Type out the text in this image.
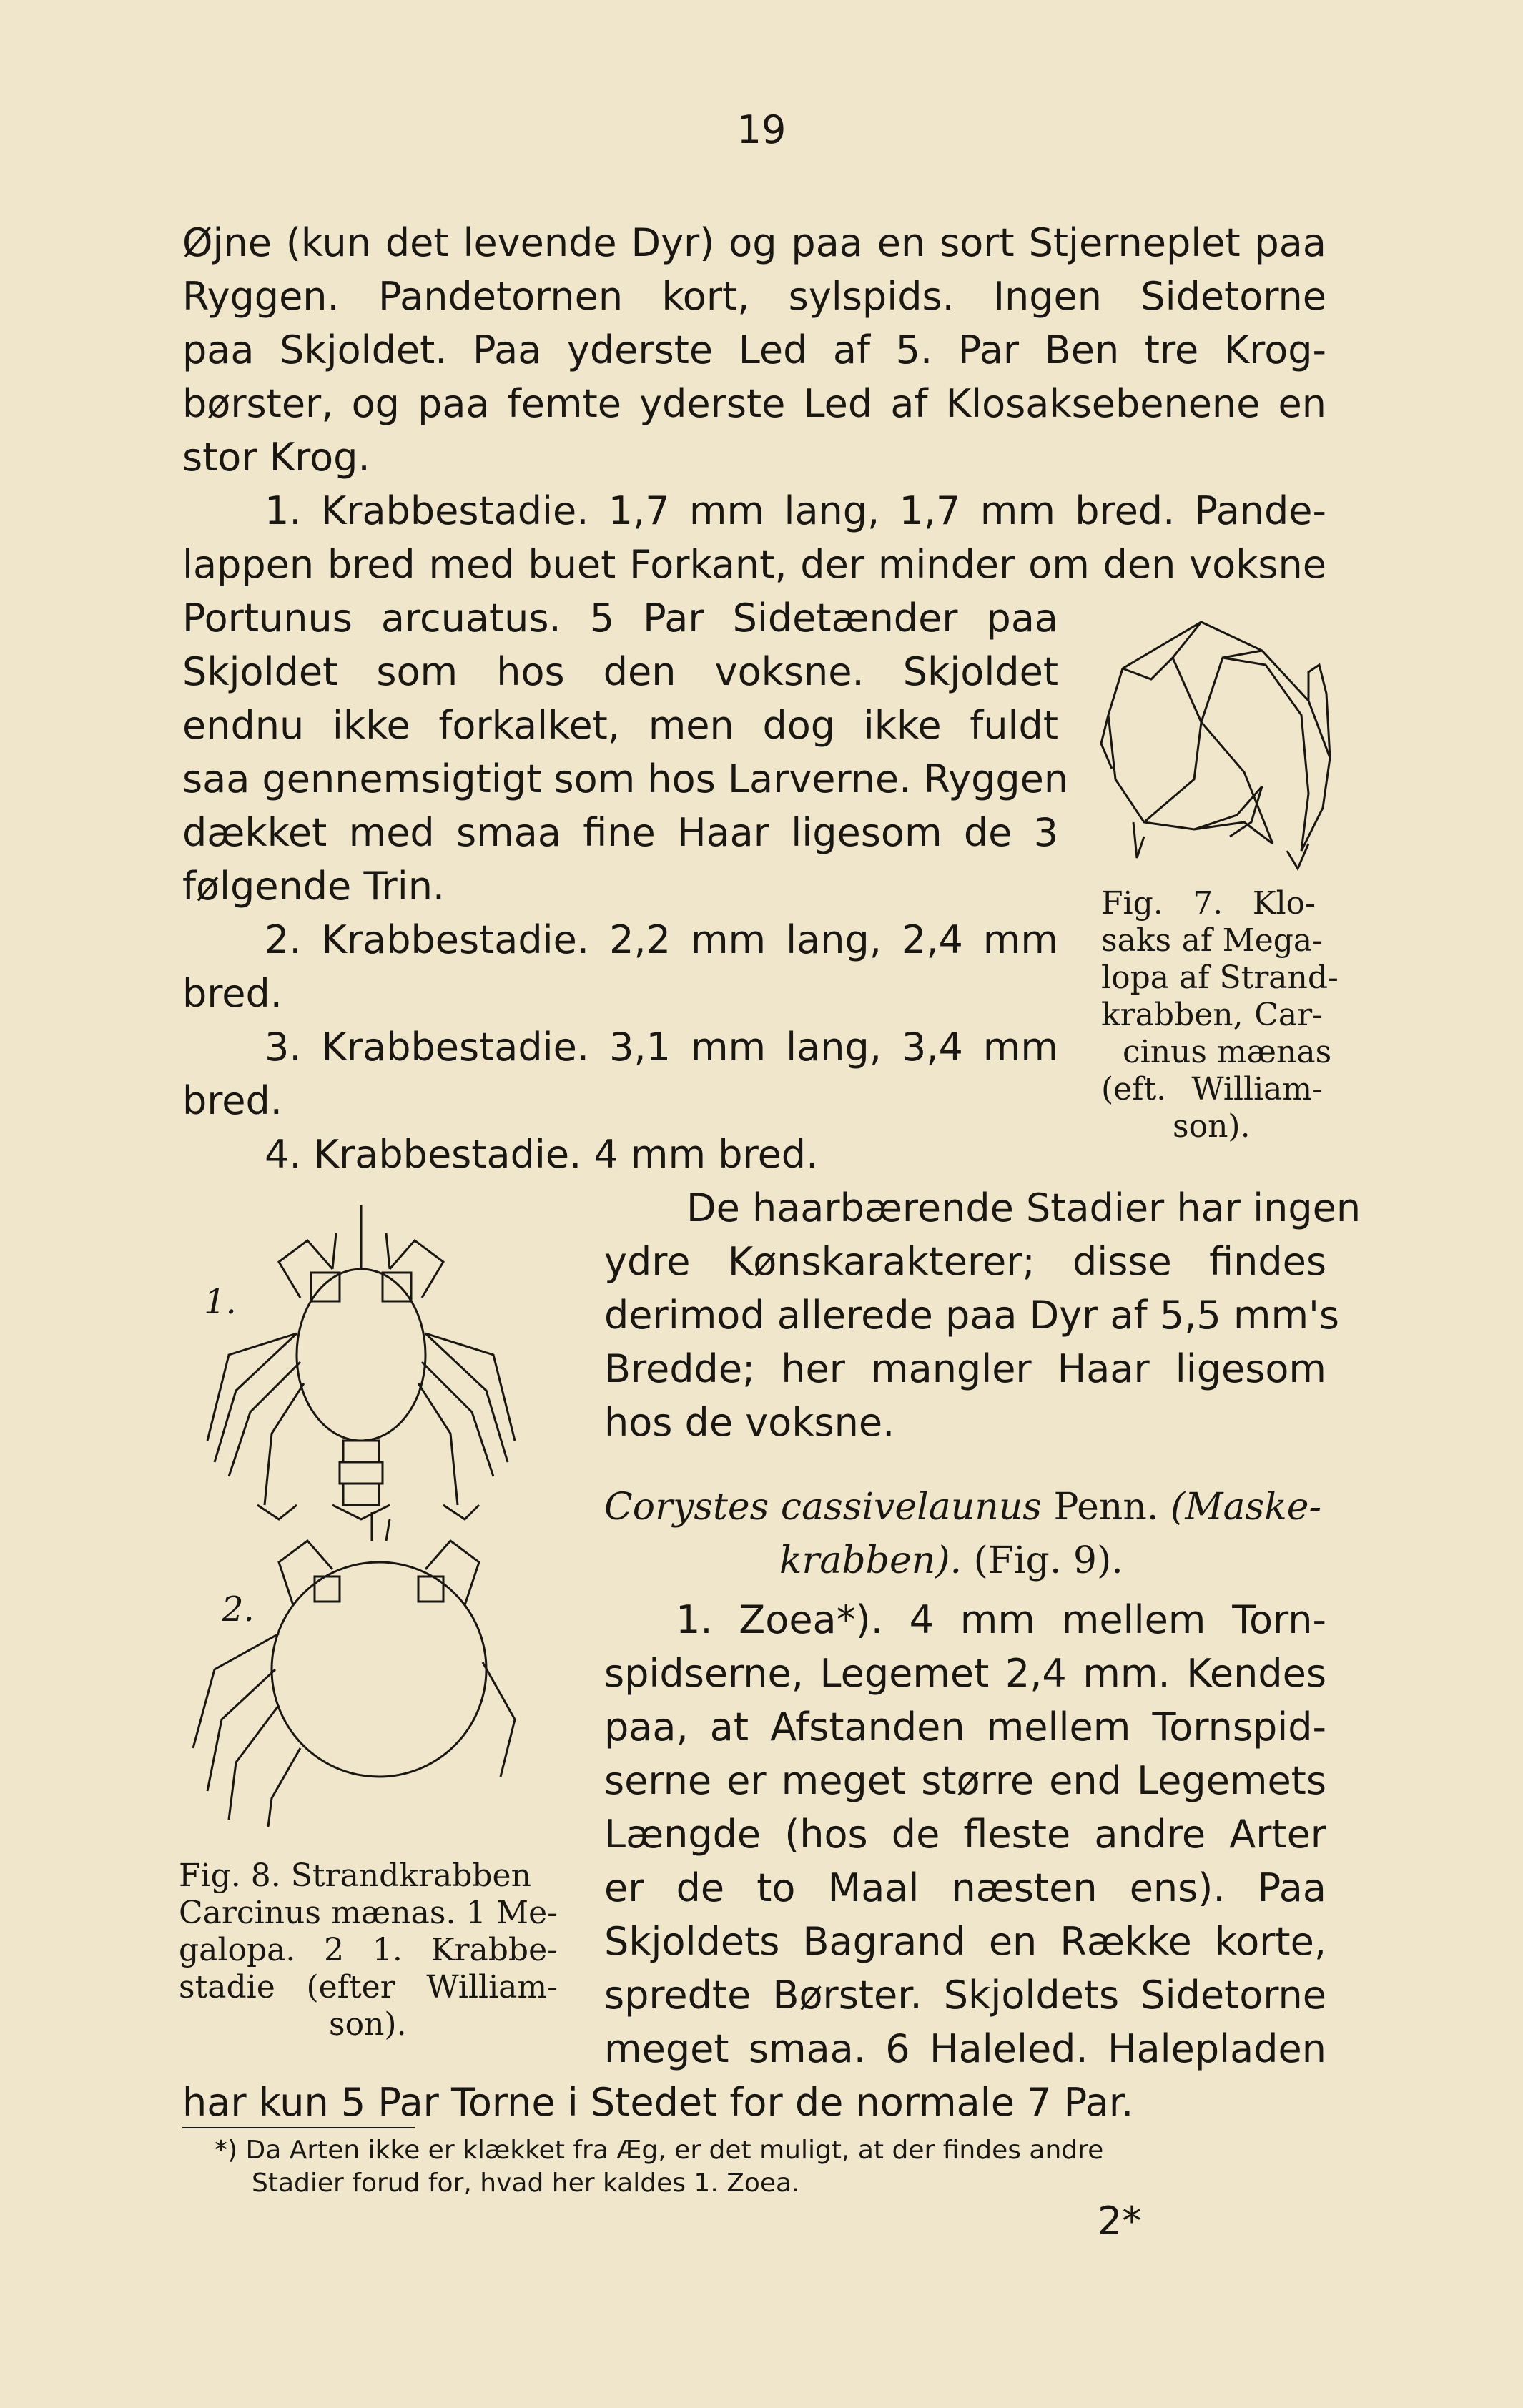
19
Øjne (kun det levende Dyr) og paa en sort Stjerneplet paa
Ryggen. Pandetornen kort, sylspids. Ingen Sidetorne
paa Skjoldet. Paa yderste Led af 5. Par Ben tre Krog-
børster, og paa femte yderste Led af Klosaksebenene en
stor Krog.
1. Krabbestadie. 1,7 mm lang, 1,7 mm bred. Pande-
lappen bred med buet Forkant, der minder om den voksne
Portunus arcuatus. 5 Par Sidetænder paa
Skjoldet som hos den voksne. Skjoldet
endnu ikke forkalket, men dog ikke fuldt
saa gennemsigtigt som hos Larverne. Ryggen
dækket med smaa fine Haar ligesom de 3
følgende Trin.
2. Krabbestadie. 2,2 mm lang, 2,4 mm
bred.
3. Krabbestadie. 3,1 mm lang, 3,4 mm
bred.
4. Krabbestadie. 4 mm bred.
Fig. 7. Klo-
saks af Mega-
lopa af Strand-
krabben, Car-
cinus mænas
(eft. William-
son).
De haarbærende Stadier har ingen
ydre Kønskarakterer; disse findes
derimod allerede paa Dyr af 5,5 mm's
Bredde; her mangler Haar ligesom
hos de voksne.
Corystes cassivelaunus Penn. (Maske-
krabben). (Fig. 9).
1. Zoea*). 4 mm mellem Torn-
spidserne, Legemet 2,4 mm. Kendes
paa, at Afstanden mellem Tornspid-
serne er meget større end Legemets
Længde (hos de fleste andre Arter
er de to Maal næsten ens). Paa
Skjoldets Bagrand en Række korte,
spredte Børster. Skjoldets Sidetorne
meget smaa. 6 Haleled. Halepladen
har kun 5 Par Torne i Stedet for de normale 7 Par.
1.
2.
Fig. 8. Strandkrabben
Carcinus mænas. 1 Me-
galopa. 2 1. Krabbe-
stadie (efter William-
son).
*) Da Arten ikke er klækket fra Æg, er det muligt, at der findes andre
Stadier forud for, hvad her kaldes 1. Zoea.
2*
